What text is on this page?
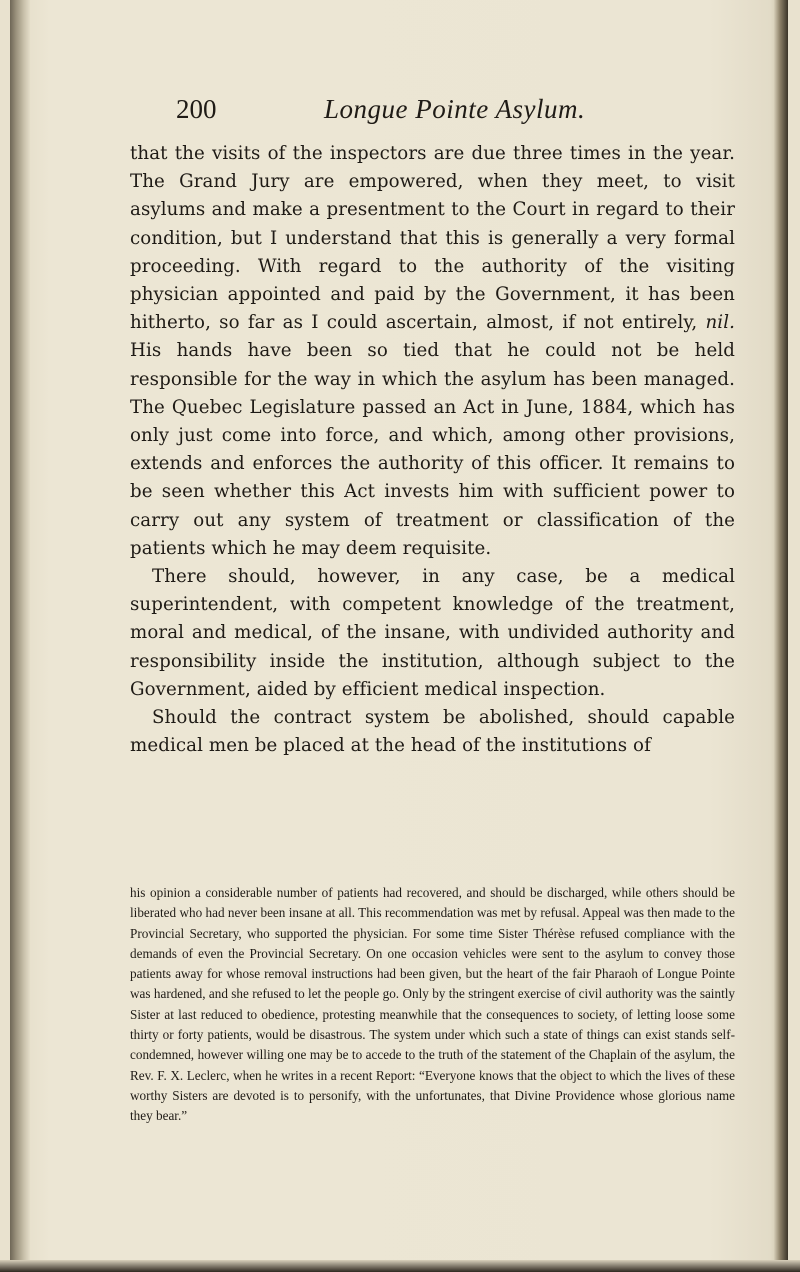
200	Longue Pointe Asylum.

that the visits of the inspectors are due three times in the year. The Grand Jury are empowered, when they meet, to visit asylums and make a presentment to the Court in regard to their condition, but I understand that this is generally a very formal proceeding. With regard to the authority of the visiting physician appointed and paid by the Government, it has been hitherto, so far as I could ascertain, almost, if not entirely, nil. His hands have been so tied that he could not be held responsible for the way in which the asylum has been managed. The Quebec Legislature passed an Act in June, 1884, which has only just come into force, and which, among other provisions, extends and enforces the authority of this officer. It remains to be seen whether this Act invests him with sufficient power to carry out any system of treatment or classification of the patients which he may deem requisite.

There should, however, in any case, be a medical superintendent, with competent knowledge of the treatment, moral and medical, of the insane, with undivided authority and responsibility inside the institution, although subject to the Government, aided by efficient medical inspection.

Should the contract system be abolished, should capable medical men be placed at the head of the institutions of

his opinion a considerable number of patients had recovered, and should be discharged, while others should be liberated who had never been insane at all. This recommendation was met by refusal. Appeal was then made to the Provincial Secretary, who supported the physician. For some time Sister Thérèse refused compliance with the demands of even the Provincial Secretary. On one occasion vehicles were sent to the asylum to convey those patients away for whose removal instructions had been given, but the heart of the fair Pharaoh of Longue Pointe was hardened, and she refused to let the people go. Only by the stringent exercise of civil authority was the saintly Sister at last reduced to obedience, protesting meanwhile that the consequences to society, of letting loose some thirty or forty patients, would be disastrous. The system under which such a state of things can exist stands self-condemned, however willing one may be to accede to the truth of the statement of the Chaplain of the asylum, the Rev. F. X. Leclerc, when he writes in a recent Report: “Everyone knows that the object to which the lives of these worthy Sisters are devoted is to personify, with the unfortunates, that Divine Providence whose glorious name they bear.”
